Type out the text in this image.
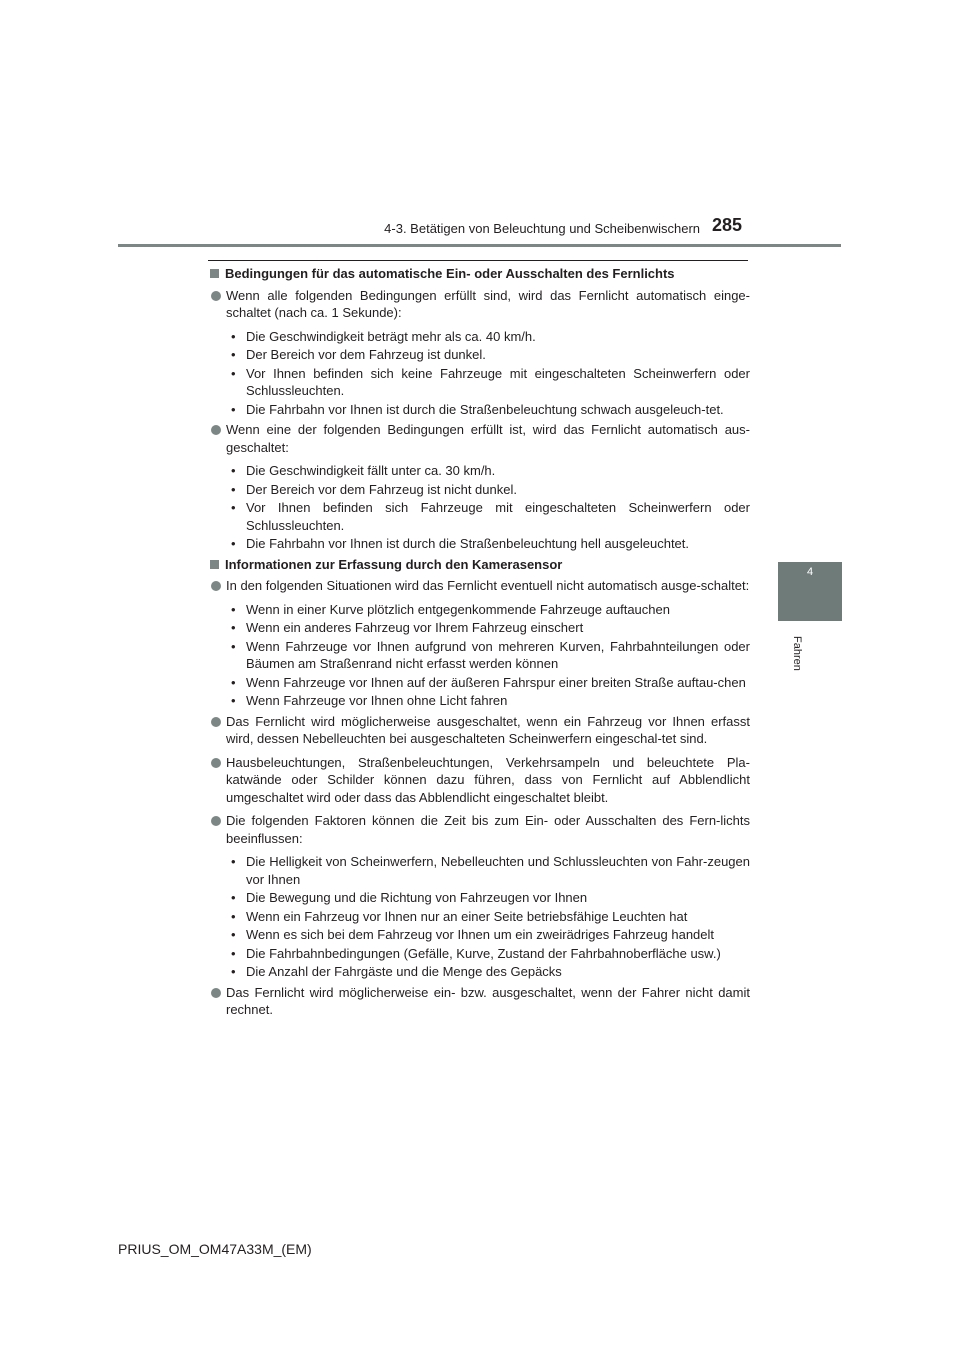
4-3. Betätigen von Beleuchtung und Scheibenwischern 285
4
Fahren
Bedingungen für das automatische Ein- oder Ausschalten des Fernlichts
Wenn alle folgenden Bedingungen erfüllt sind, wird das Fernlicht automatisch einge-schaltet (nach ca. 1 Sekunde):
• Die Geschwindigkeit beträgt mehr als ca. 40 km/h.
• Der Bereich vor dem Fahrzeug ist dunkel.
• Vor Ihnen befinden sich keine Fahrzeuge mit eingeschalteten Scheinwerfern oder Schlussleuchten.
• Die Fahrbahn vor Ihnen ist durch die Straßenbeleuchtung schwach ausgeleuch-tet.
Wenn eine der folgenden Bedingungen erfüllt ist, wird das Fernlicht automatisch aus-geschaltet:
• Die Geschwindigkeit fällt unter ca. 30 km/h.
• Der Bereich vor dem Fahrzeug ist nicht dunkel.
• Vor Ihnen befinden sich Fahrzeuge mit eingeschalteten Scheinwerfern oder Schlussleuchten.
• Die Fahrbahn vor Ihnen ist durch die Straßenbeleuchtung hell ausgeleuchtet.
Informationen zur Erfassung durch den Kamerasensor
In den folgenden Situationen wird das Fernlicht eventuell nicht automatisch ausge-schaltet:
• Wenn in einer Kurve plötzlich entgegenkommende Fahrzeuge auftauchen
• Wenn ein anderes Fahrzeug vor Ihrem Fahrzeug einschert
• Wenn Fahrzeuge vor Ihnen aufgrund von mehreren Kurven, Fahrbahnteilungen oder Bäumen am Straßenrand nicht erfasst werden können
• Wenn Fahrzeuge vor Ihnen auf der äußeren Fahrspur einer breiten Straße auftau-chen
• Wenn Fahrzeuge vor Ihnen ohne Licht fahren
Das Fernlicht wird möglicherweise ausgeschaltet, wenn ein Fahrzeug vor Ihnen erfasst wird, dessen Nebelleuchten bei ausgeschalteten Scheinwerfern eingeschal-tet sind.
Hausbeleuchtungen, Straßenbeleuchtungen, Verkehrsampeln und beleuchtete Pla-katwände oder Schilder können dazu führen, dass von Fernlicht auf Abblendlicht umgeschaltet wird oder dass das Abblendlicht eingeschaltet bleibt.
Die folgenden Faktoren können die Zeit bis zum Ein- oder Ausschalten des Fern-lichts beeinflussen:
• Die Helligkeit von Scheinwerfern, Nebelleuchten und Schlussleuchten von Fahr-zeugen vor Ihnen
• Die Bewegung und die Richtung von Fahrzeugen vor Ihnen
• Wenn ein Fahrzeug vor Ihnen nur an einer Seite betriebsfähige Leuchten hat
• Wenn es sich bei dem Fahrzeug vor Ihnen um ein zweirädriges Fahrzeug handelt
• Die Fahrbahnbedingungen (Gefälle, Kurve, Zustand der Fahrbahnoberfläche usw.)
• Die Anzahl der Fahrgäste und die Menge des Gepäcks
Das Fernlicht wird möglicherweise ein- bzw. ausgeschaltet, wenn der Fahrer nicht damit rechnet.
PRIUS_OM_OM47A33M_(EM)
